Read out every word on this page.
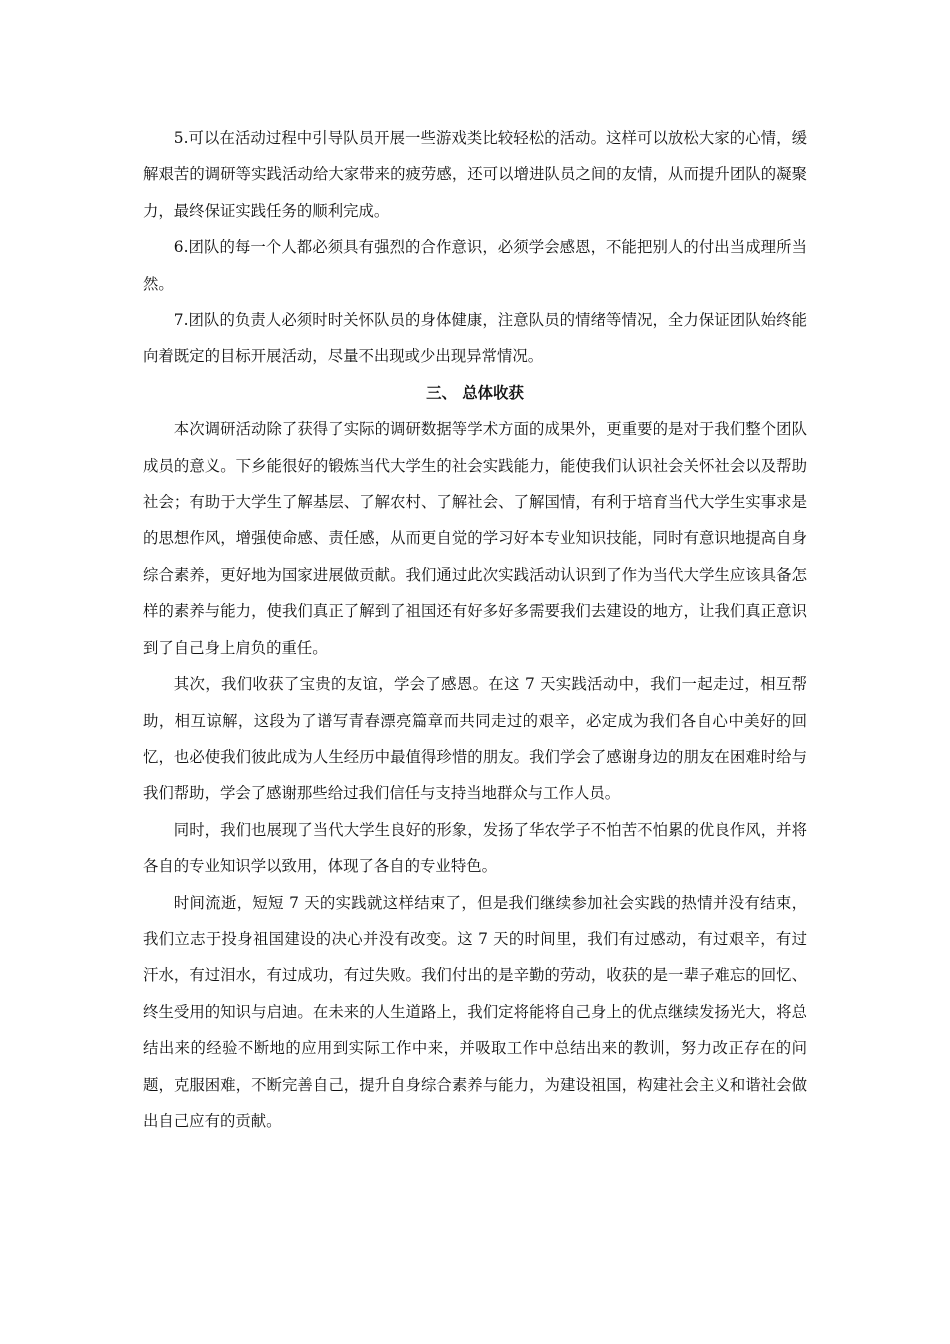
5.可以在活动过程中引导队员开展一些游戏类比较轻松的活动。这样可以放松大家的心情，缓解艰苦的调研等实践活动给大家带来的疲劳感，还可以增进队员之间的友情，从而提升团队的凝聚力，最终保证实践任务的顺利完成。

6.团队的每一个人都必须具有强烈的合作意识，必须学会感恩，不能把别人的付出当成理所当然。

7.团队的负责人必须时时关怀队员的身体健康，注意队员的情绪等情况，全力保证团队始终能向着既定的目标开展活动，尽量不出现或少出现异常情况。

三、 总体收获

本次调研活动除了获得了实际的调研数据等学术方面的成果外，更重要的是对于我们整个团队成员的意义。下乡能很好的锻炼当代大学生的社会实践能力，能使我们认识社会关怀社会以及帮助社会；有助于大学生了解基层、了解农村、了解社会、了解国情，有利于培育当代大学生实事求是的思想作风，增强使命感、责任感，从而更自觉的学习好本专业知识技能，同时有意识地提高自身综合素养，更好地为国家进展做贡献。我们通过此次实践活动认识到了作为当代大学生应该具备怎样的素养与能力，使我们真正了解到了祖国还有好多好多需要我们去建设的地方，让我们真正意识到了自己身上肩负的重任。

其次，我们收获了宝贵的友谊，学会了感恩。在这 7 天实践活动中，我们一起走过，相互帮助，相互谅解，这段为了谱写青春漂亮篇章而共同走过的艰辛，必定成为我们各自心中美好的回忆，也必使我们彼此成为人生经历中最值得珍惜的朋友。我们学会了感谢身边的朋友在困难时给与我们帮助，学会了感谢那些给过我们信任与支持当地群众与工作人员。

同时，我们也展现了当代大学生良好的形象，发扬了华农学子不怕苦不怕累的优良作风，并将各自的专业知识学以致用，体现了各自的专业特色。

时间流逝，短短 7 天的实践就这样结束了，但是我们继续参加社会实践的热情并没有结束，我们立志于投身祖国建设的决心并没有改变。这 7 天的时间里，我们有过感动，有过艰辛，有过汗水，有过泪水，有过成功，有过失败。我们付出的是辛勤的劳动，收获的是一辈子难忘的回忆、终生受用的知识与启迪。在未来的人生道路上，我们定将能将自己身上的优点继续发扬光大，将总结出来的经验不断地的应用到实际工作中来，并吸取工作中总结出来的教训，努力改正存在的问题，克服困难，不断完善自己，提升自身综合素养与能力，为建设祖国，构建社会主义和谐社会做出自己应有的贡献。
